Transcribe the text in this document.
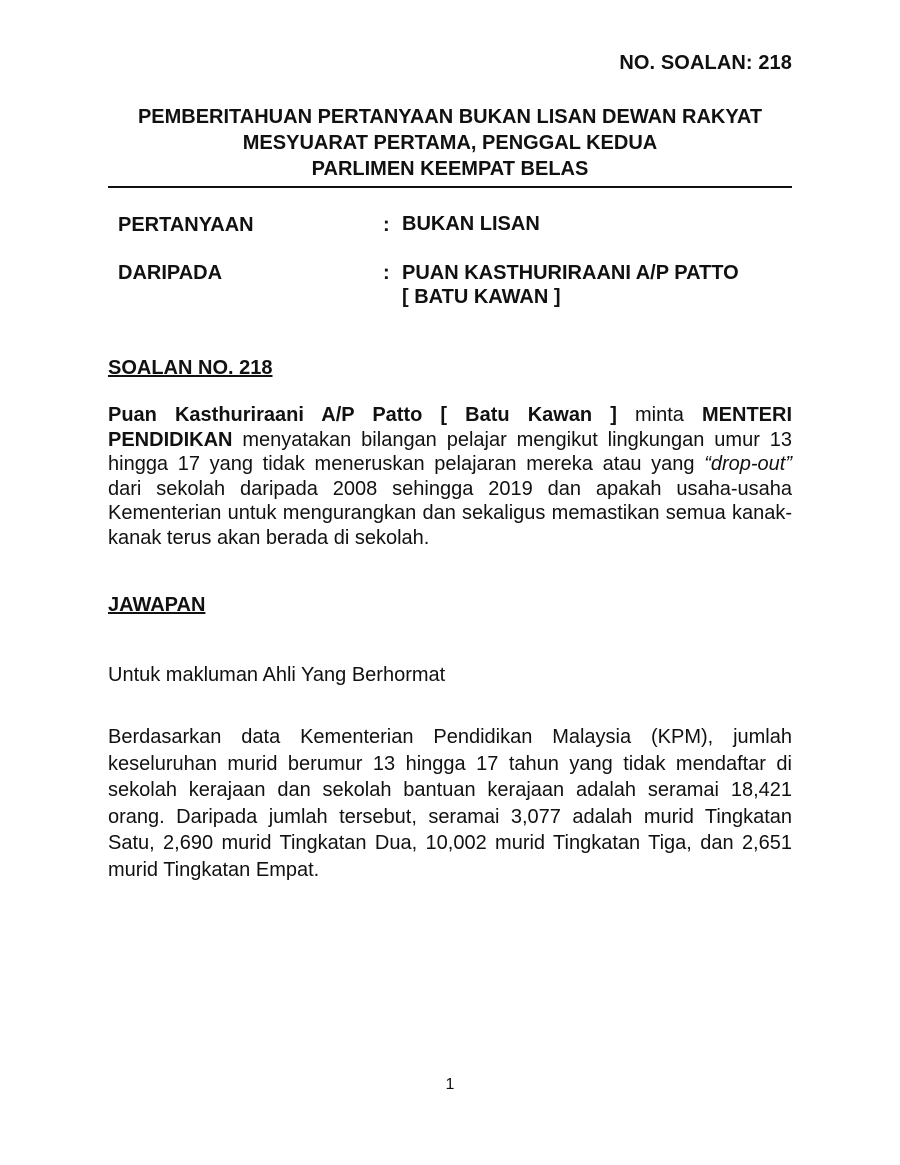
NO. SOALAN: 218
PEMBERITAHUAN PERTANYAAN BUKAN LISAN DEWAN RAKYAT
MESYUARAT PERTAMA, PENGGAL KEDUA
PARLIMEN KEEMPAT BELAS
PERTANYAAN	: BUKAN LISAN
DARIPADA	: PUAN KASTHURIRAANI A/P PATTO
[ BATU KAWAN ]
SOALAN NO. 218
Puan Kasthuriraani A/P Patto [ Batu Kawan ] minta MENTERI PENDIDIKAN menyatakan bilangan pelajar mengikut lingkungan umur 13 hingga 17 yang tidak meneruskan pelajaran mereka atau yang “drop-out” dari sekolah daripada 2008 sehingga 2019 dan apakah usaha-usaha Kementerian untuk mengurangkan dan sekaligus memastikan semua kanak-kanak terus akan berada di sekolah.
JAWAPAN
Untuk makluman Ahli Yang Berhormat
Berdasarkan data Kementerian Pendidikan Malaysia (KPM), jumlah keseluruhan murid berumur 13 hingga 17 tahun yang tidak mendaftar di sekolah kerajaan dan sekolah bantuan kerajaan adalah seramai 18,421 orang. Daripada jumlah tersebut, seramai 3,077 adalah murid Tingkatan Satu, 2,690 murid Tingkatan Dua, 10,002 murid Tingkatan Tiga, dan 2,651 murid Tingkatan Empat.
1
